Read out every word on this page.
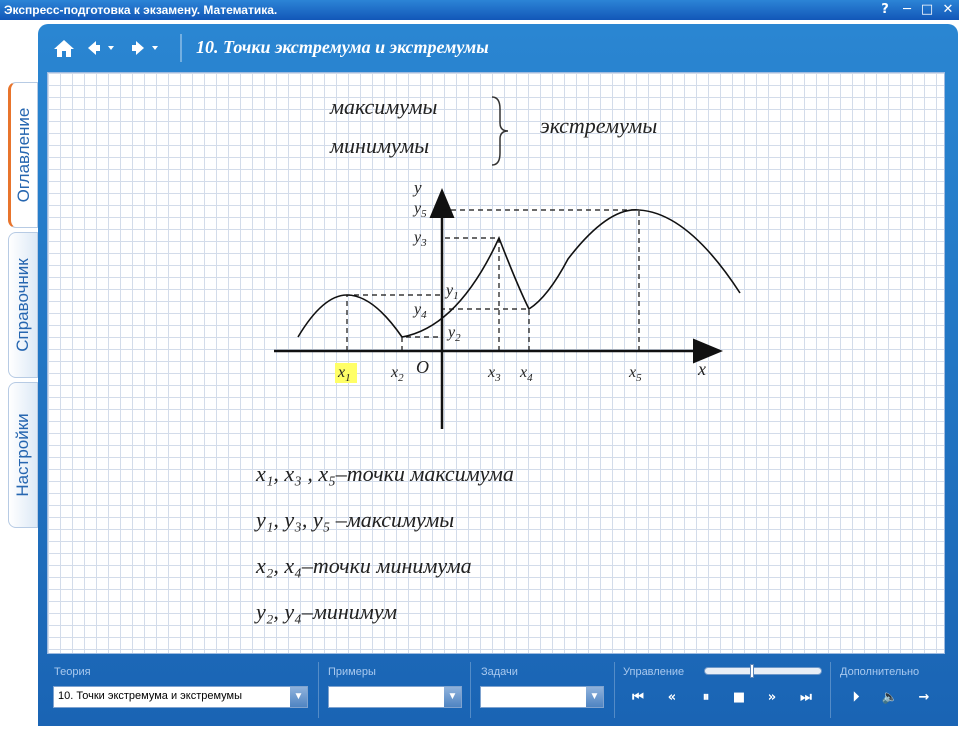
Экспресс-подготовка к экзамену. Математика.	?	─ □ ✕
Оглавление
Справочник
Настройки
10. Точки экстремума и экстремумы
максимумы
минимумы
экстремумы
y
x
O
$y_5$
$y_3$
$y_1$
$y_4$
$y_2$
$x_1$	$x_2$	$x_3$ $x_4$	$x_5$
x₁, x₃ , x₅–точки максимума
y₁, y₃, y₅ –максимумы
x₂, x₄–точки минимума
y₂, y₄–минимум
Теория
10. Точки экстремума и экстремумы	▼
Примеры
▼
Задачи
▼
Управление
⏮	«	⏸	■	»	⏭
Дополнительно
⏵	🔈	→
